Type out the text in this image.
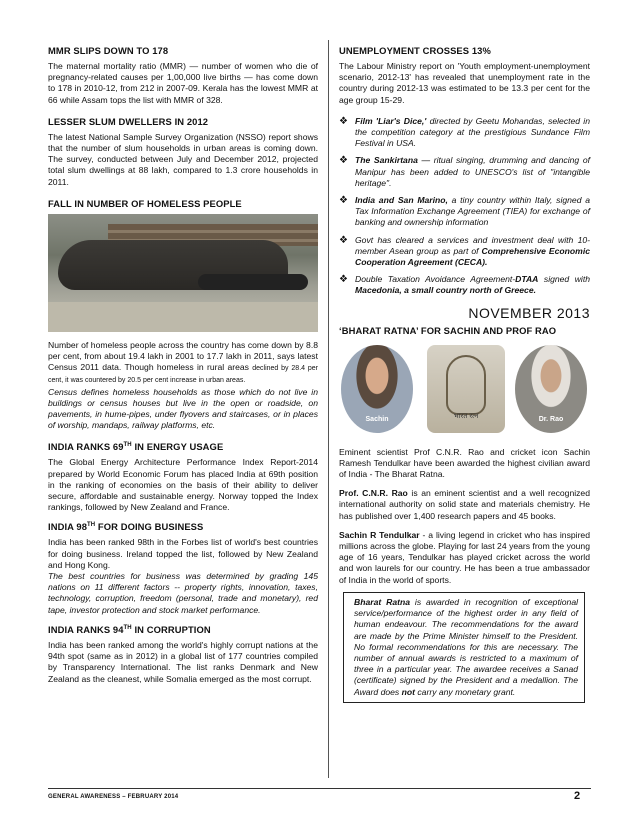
MMR SLIPS DOWN TO 178

The maternal mortality ratio (MMR) — number of women who die of pregnancy-related causes per 1,00,000 live births — has come down to 178 in 2010-12, from 212 in 2007-09. Kerala has the lowest MMR at 66 while Assam tops the list with MMR of 328.

LESSER SLUM DWELLERS IN 2012

The latest National Sample Survey Organization (NSSO) report shows that the number of slum households in urban areas is coming down. The survey, conducted between July and December 2012, projected total slum dwellings at 88 lakh, compared to 1.3 crore households in 2011.

FALL IN NUMBER OF HOMELESS PEOPLE

Number of homeless people across the country has come down by 8.8 per cent, from about 19.4 lakh in 2001 to 17.7 lakh in 2011, says latest Census 2011 data. Though homeless in rural areas declined by 28.4 per cent, it was countered by 20.5 per cent increase in urban areas.

Census defines homeless households as those which do not live in buildings or census houses but live in the open or roadside, on pavements, in hume-pipes, under flyovers and staircases, or in places of worship, mandaps, railway platforms, etc.

INDIA RANKS 69TH IN ENERGY USAGE

The Global Energy Architecture Performance Index Report-2014 prepared by World Economic Forum has placed India at 69th position in the ranking of economies on the basis of their ability to deliver secure, affordable and sustainable energy. Norway topped the Index rankings, followed by New Zealand and France.

INDIA 98TH FOR DOING BUSINESS

India has been ranked 98th in the Forbes list of world's best countries for doing business. Ireland topped the list, followed by New Zealand and Hong Kong.

The best countries for business was determined by grading 145 nations on 11 different factors -- property rights, innovation, taxes, technology, corruption, freedom (personal, trade and monetary), red tape, investor protection and stock market performance.

INDIA RANKS 94TH IN CORRUPTION

India has been ranked among the world's highly corrupt nations at the 94th spot (same as in 2012) in a global list of 177 countries compiled by Transparency International. The list ranks Denmark and New Zealand as the cleanest, while Somalia emerged as the most corrupt.

UNEMPLOYMENT CROSSES 13%

The Labour Ministry report on 'Youth employment-unemployment scenario, 2012-13' has revealed that unemployment rate in the country during 2012-13 was estimated to be 13.3 per cent for the age group 15-29.

❖ Film 'Liar's Dice,' directed by Geetu Mohandas, selected in the competition category at the prestigious Sundance Film Festival in USA.
❖ The Sankirtana — ritual singing, drumming and dancing of Manipur has been added to UNESCO's list of "intangible heritage".
❖ India and San Marino, a tiny country within Italy, signed a Tax Information Exchange Agreement (TIEA) for exchange of banking and ownership information
❖ Govt has cleared a services and investment deal with 10-member Asean group as part of Comprehensive Economic Cooperation Agreement (CECA).
❖ Double Taxation Avoidance Agreement-DTAA signed with Macedonia, a small country north of Greece.
NOVEMBER 2013
‘BHARAT RATNA’ FOR SACHIN AND PROF RAO
Sachin	भारत रत्न	Dr. Rao

Eminent scientist Prof C.N.R. Rao and cricket icon Sachin Ramesh Tendulkar have been awarded the highest civilian award of India - The Bharat Ratna.

Prof. C.N.R. Rao is an eminent scientist and a well recognized international authority on solid state and materials chemistry. He has published over 1,400 research papers and 45 books.

Sachin R Tendulkar - a living legend in cricket who has inspired millions across the globe. Playing for last 24 years from the young age of 16 years, Tendulkar has played cricket across the world and won laurels for our country. He has been a true ambassador of India in the world of sports.

Bharat Ratna is awarded in recognition of exceptional service/performance of the highest order in any field of human endeavour. The recommendations for the award are made by the Prime Minister himself to the President. No formal recommendations for this are necessary. The number of annual awards is restricted to a maximum of three in a particular year. The awardee receives a Sanad (certificate) signed by the President and a medallion. The Award does not carry any monetary grant.

GENERAL AWARENESS – FEBRUARY 2014	2
